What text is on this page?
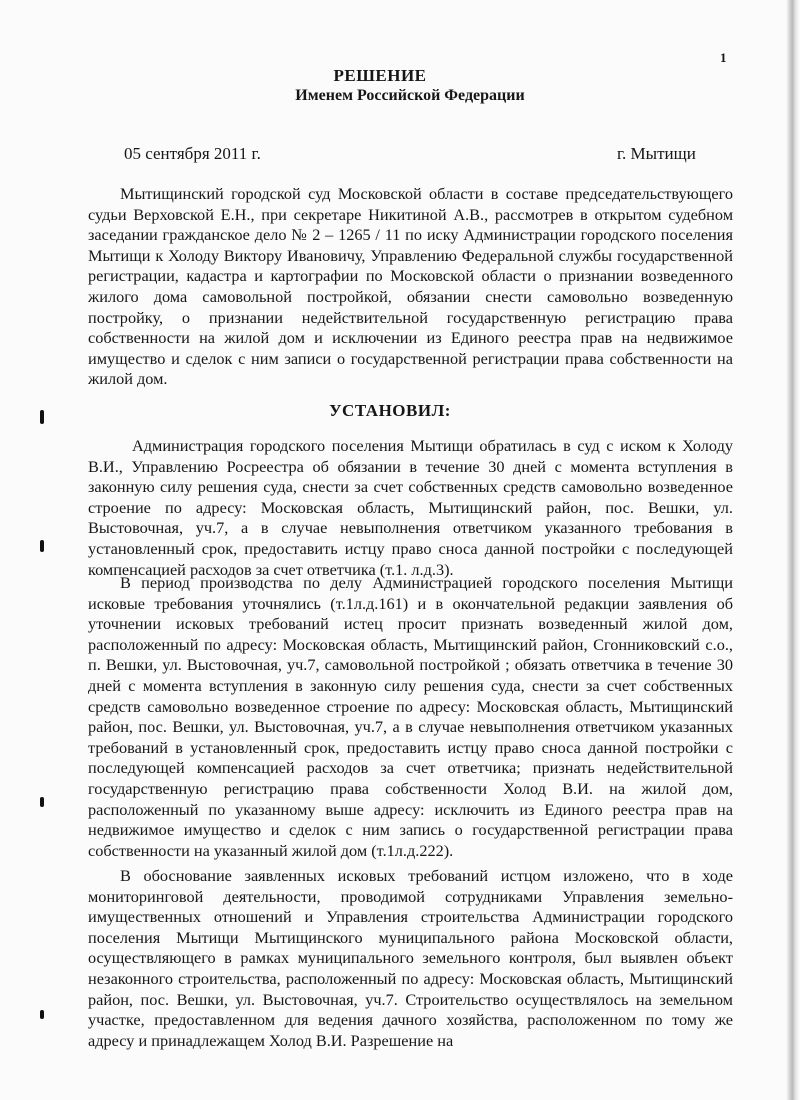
1
РЕШЕНИЕ
Именем Российской Федерации
05 сентября 2011 г.	г. Мытищи

Мытищинский городской суд Московской области в составе председательствующего судьи Верховской Е.Н., при секретаре Никитиной А.В., рассмотрев в открытом судебном заседании гражданское дело № 2 – 1265 / 11 по иску Администрации городского поселения Мытищи к Холоду Виктору Ивановичу, Управлению Федеральной службы государственной регистрации, кадастра и картографии по Московской области о признании возведенного жилого дома самовольной постройкой, обязании снести самовольно возведенную постройку, о признании недействительной государственную регистрацию права собственности на жилой дом и исключении из Единого реестра прав на недвижимое имущество и сделок с ним записи о государственной регистрации права собственности на жилой дом.

УСТАНОВИЛ:

Администрация городского поселения Мытищи обратилась в суд с иском к Холоду В.И., Управлению Росреестра об обязании в течение 30 дней с момента вступления в законную силу решения суда, снести за счет собственных средств самовольно возведенное строение по адресу: Московская область, Мытищинский район, пос. Вешки, ул. Выстовочная, уч.7, а в случае невыполнения ответчиком указанного требования в установленный срок, предоставить истцу право сноса данной постройки с последующей компенсацией расходов за счет ответчика (т.1. л.д.3).

В период производства по делу Администрацией городского поселения Мытищи исковые требования уточнялись (т.1л.д.161) и в окончательной редакции заявления об уточнении исковых требований истец просит признать возведенный жилой дом, расположенный по адресу: Московская область, Мытищинский район, Сгонниковский с.о., п. Вешки, ул. Выстовочная, уч.7, самовольной постройкой ; обязать ответчика в течение 30 дней с момента вступления в законную силу решения суда, снести за счет собственных средств самовольно возведенное строение по адресу: Московская область, Мытищинский район, пос. Вешки, ул. Выстовочная, уч.7, а в случае невыполнения ответчиком указанных требований в установленный срок, предоставить истцу право сноса данной постройки с последующей компенсацией расходов за счет ответчика; признать недействительной государственную регистрацию права собственности Холод В.И. на жилой дом, расположенный по указанному выше адресу: исключить из Единого реестра прав на недвижимое имущество и сделок с ним запись о государственной регистрации права собственности на указанный жилой дом (т.1л.д.222).

В обоснование заявленных исковых требований истцом изложено, что в ходе мониторинговой деятельности, проводимой сотрудниками Управления земельно-имущественных отношений и Управления строительства Администрации городского поселения Мытищи Мытищинского муниципального района Московской области, осуществляющего в рамках муниципального земельного контроля, был выявлен объект незаконного строительства, расположенный по адресу: Московская область, Мытищинский район, пос. Вешки, ул. Выстовочная, уч.7. Строительство осуществлялось на земельном участке, предоставленном для ведения дачного хозяйства, расположенном по тому же адресу и принадлежащем Холод В.И. Разрешение на
